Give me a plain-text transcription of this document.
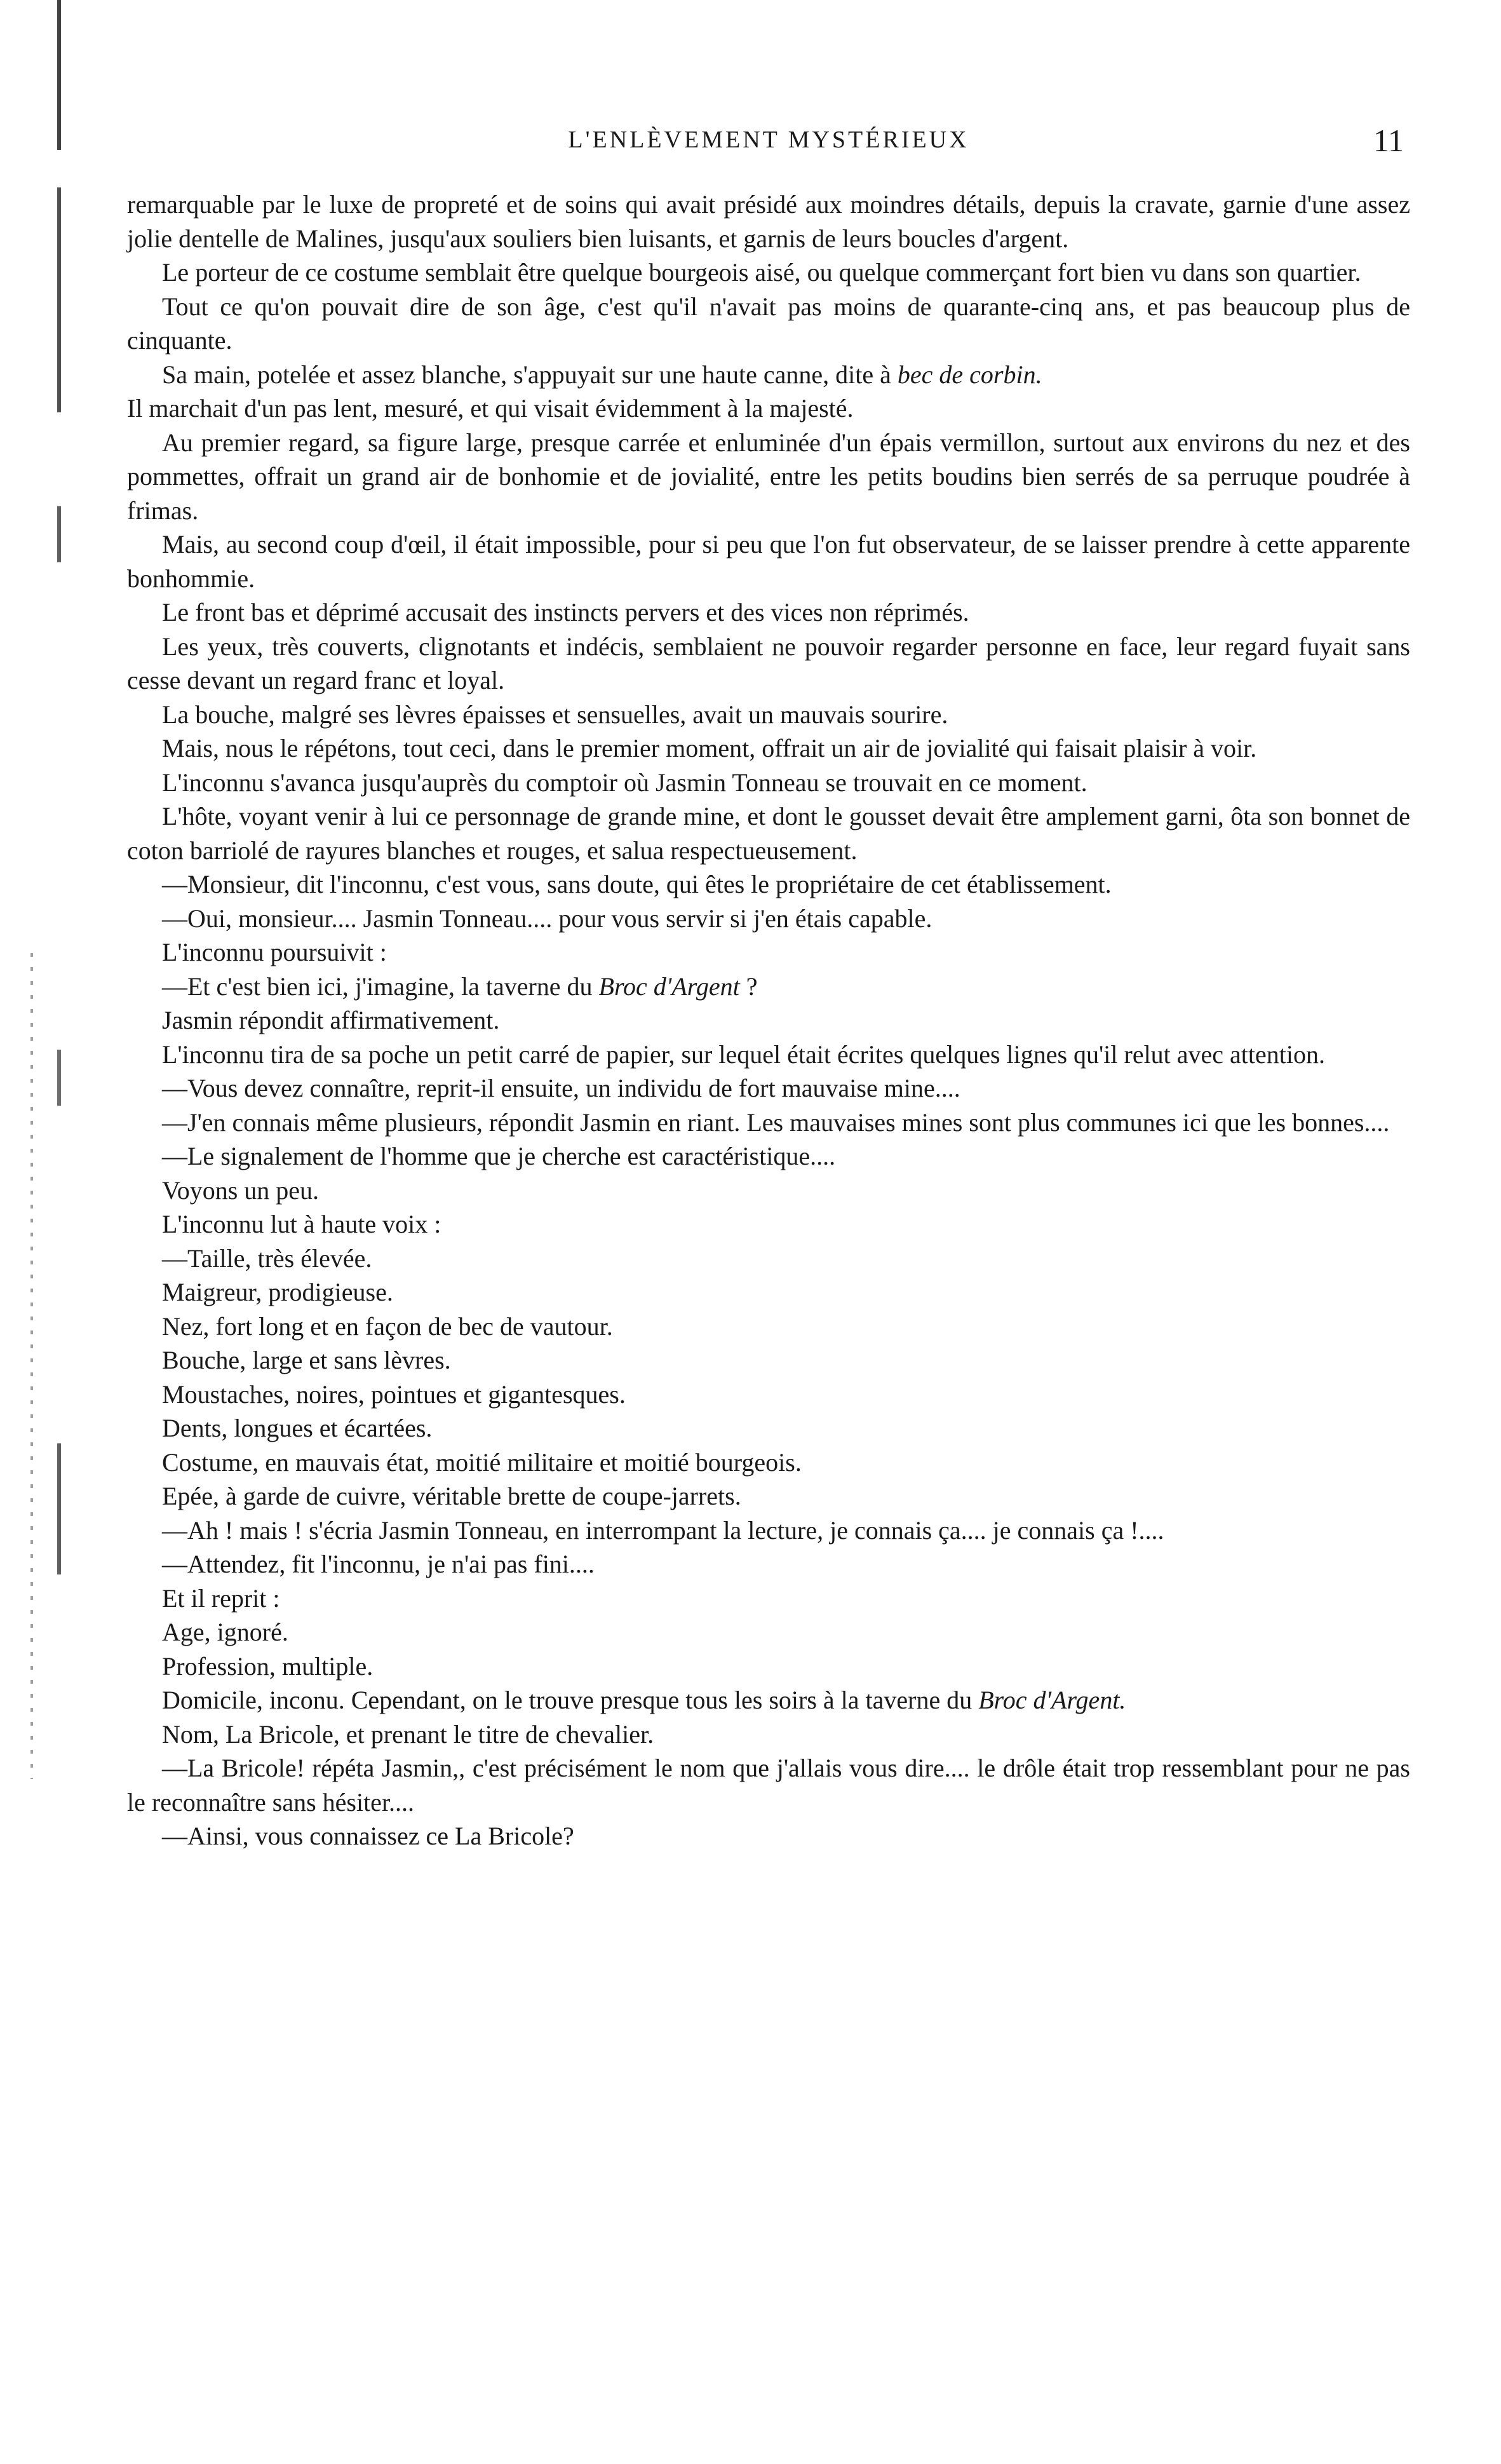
L'ENLÈVEMENT MYSTÉRIEUX	11

remarquable par le luxe de propreté et de soins qui avait présidé aux moindres détails, depuis la cravate, garnie d'une assez jolie dentelle de Malines, jusqu'aux souliers bien luisants, et garnis de leurs boucles d'argent.

Le porteur de ce costume semblait être quelque bourgeois aisé, ou quelque commerçant fort bien vu dans son quartier.

Tout ce qu'on pouvait dire de son âge, c'est qu'il n'avait pas moins de quarante-cinq ans, et pas beaucoup plus de cinquante.

Sa main, potelée et assez blanche, s'appuyait sur une haute canne, dite à bec de corbin.

Il marchait d'un pas lent, mesuré, et qui visait évidemment à la majesté.

Au premier regard, sa figure large, presque carrée et enluminée d'un épais vermillon, surtout aux environs du nez et des pommettes, offrait un grand air de bonhomie et de jovialité, entre les petits boudins bien serrés de sa perruque poudrée à frimas.

Mais, au second coup d'œil, il était impossible, pour si peu que l'on fut observateur, de se laisser prendre à cette apparente bonhommie.

Le front bas et déprimé accusait des instincts pervers et des vices non réprimés.

Les yeux, très couverts, clignotants et indécis, semblaient ne pouvoir regarder personne en face, leur regard fuyait sans cesse devant un regard franc et loyal.

La bouche, malgré ses lèvres épaisses et sensuelles, avait un mauvais sourire.

Mais, nous le répétons, tout ceci, dans le premier moment, offrait un air de jovialité qui faisait plaisir à voir.

L'inconnu s'avanca jusqu'auprès du comptoir où Jasmin Tonneau se trouvait en ce moment.

L'hôte, voyant venir à lui ce personnage de grande mine, et dont le gousset devait être amplement garni, ôta son bonnet de coton barriolé de rayures blanches et rouges, et salua respectueusement.

—Monsieur, dit l'inconnu, c'est vous, sans doute, qui êtes le propriétaire de cet établissement.

—Oui, monsieur.... Jasmin Tonneau.... pour vous servir si j'en étais capable.

L'inconnu poursuivit :

—Et c'est bien ici, j'imagine, la taverne du Broc d'Argent ?

Jasmin répondit affirmativement.

L'inconnu tira de sa poche un petit carré de papier, sur lequel était écrites quelques lignes qu'il relut avec attention.

—Vous devez connaître, reprit-il ensuite, un individu de fort mauvaise mine....

—J'en connais même plusieurs, répondit Jasmin en riant. Les mauvaises mines sont plus communes ici que les bonnes....

—Le signalement de l'homme que je cherche est caractéristique....

Voyons un peu.

L'inconnu lut à haute voix :

—Taille, très élevée.

Maigreur, prodigieuse.

Nez, fort long et en façon de bec de vautour.

Bouche, large et sans lèvres.

Moustaches, noires, pointues et gigantesques.

Dents, longues et écartées.

Costume, en mauvais état, moitié militaire et moitié bourgeois.

Epée, à garde de cuivre, véritable brette de coupe-jarrets.

—Ah ! mais ! s'écria Jasmin Tonneau, en interrompant la lecture, je connais ça.... je connais ça !....

—Attendez, fit l'inconnu, je n'ai pas fini....

Et il reprit :

Age, ignoré.

Profession, multiple.

Domicile, inconu. Cependant, on le trouve presque tous les soirs à la taverne du Broc d'Argent.

Nom, La Bricole, et prenant le titre de chevalier.

—La Bricole! répéta Jasmin,, c'est précisément le nom que j'allais vous dire.... le drôle était trop ressemblant pour ne pas le reconnaître sans hésiter....

—Ainsi, vous connaissez ce La Bricole?
